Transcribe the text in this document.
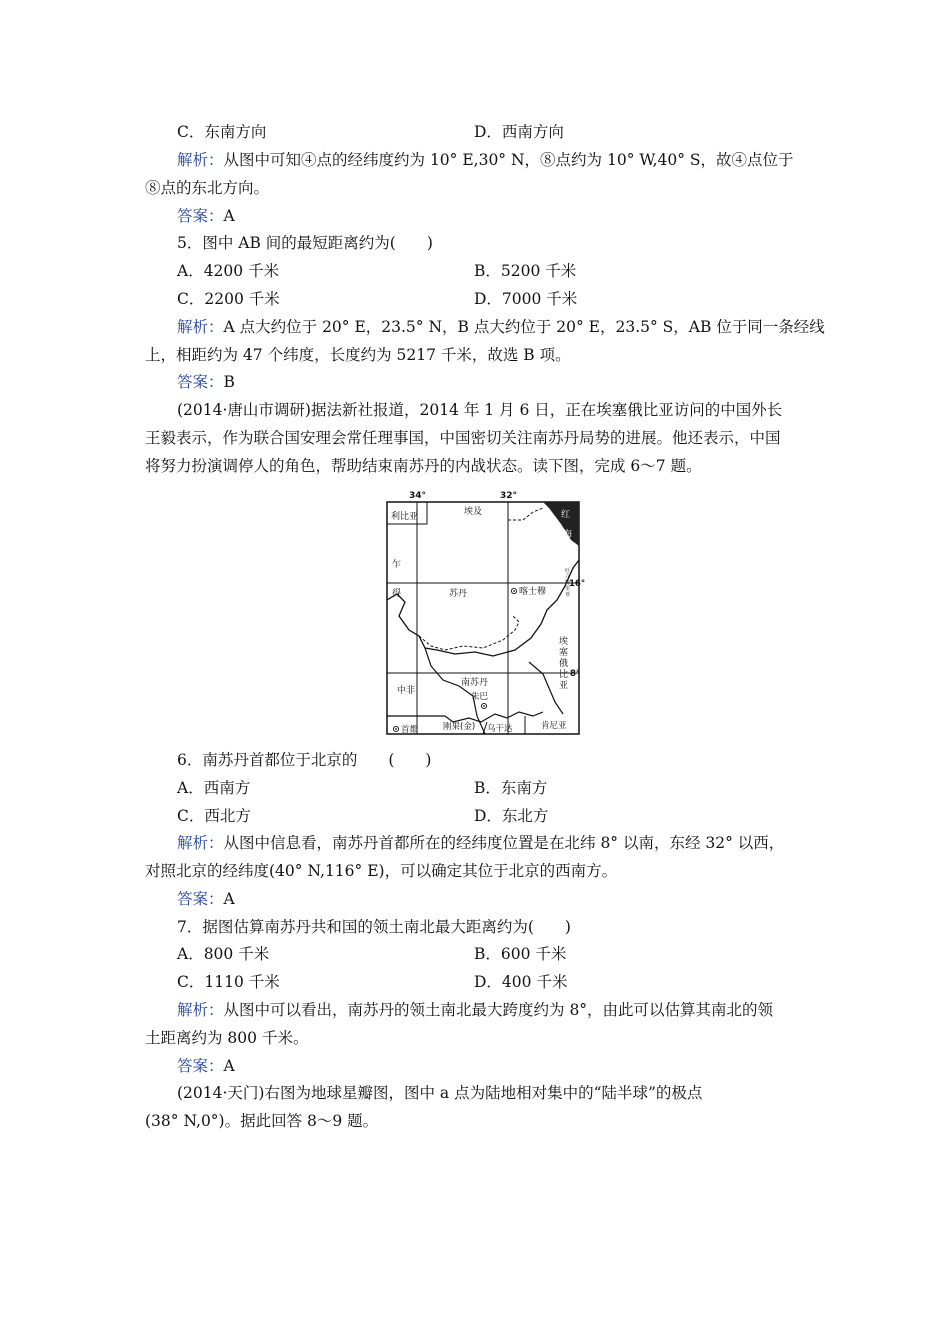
C．东南方向	D．西南方向
解析：从图中可知④点的经纬度约为 10° E,30° N，⑧点约为 10° W,40° S，故④点位于
⑧点的东北方向。
答案：A
5．图中 AB 间的最短距离约为(　　)
A．4200 千米	B．5200 千米
C．2200 千米	D．7000 千米
解析：A 点大约位于 20° E，23.5° N，B 点大约位于 20° E，23.5° S，AB 位于同一条经线
上，相距约为 47 个纬度，长度约为 5217 千米，故选 B 项。
答案：B
(2014·唐山市调研)据法新社报道，2014 年 1 月 6 日，正在埃塞俄比亚访问的中国外长
王毅表示，作为联合国安理会常任理事国，中国密切关注南苏丹局势的进展。他还表示，中国
将努力扮演调停人的角色，帮助结束南苏丹的内战状态。读下图，完成 6～7 题。
34°	32°
16°
8°
利比亚	埃及	红
海
乍
得	苏丹	喀士穆
厄
立
特
里
亚
埃
塞
俄
比
亚
中非
南苏丹
朱巴
首都	刚果(金) 乌干达	肯尼亚
6．南苏丹首都位于北京的　　(　　)
A．西南方	B．东南方
C．西北方	D．东北方
解析：从图中信息看，南苏丹首都所在的经纬度位置是在北纬 8° 以南，东经 32° 以西，
对照北京的经纬度(40° N,116° E)，可以确定其位于北京的西南方。
答案：A
7．据图估算南苏丹共和国的领土南北最大距离约为(　　)
A．800 千米	B．600 千米
C．1110 千米	D．400 千米
解析：从图中可以看出，南苏丹的领土南北最大跨度约为 8°，由此可以估算其南北的领
土距离约为 800 千米。
答案：A
(2014·天门)右图为地球星瓣图，图中 a 点为陆地相对集中的“陆半球”的极点
(38° N,0°)。据此回答 8～9 题。
